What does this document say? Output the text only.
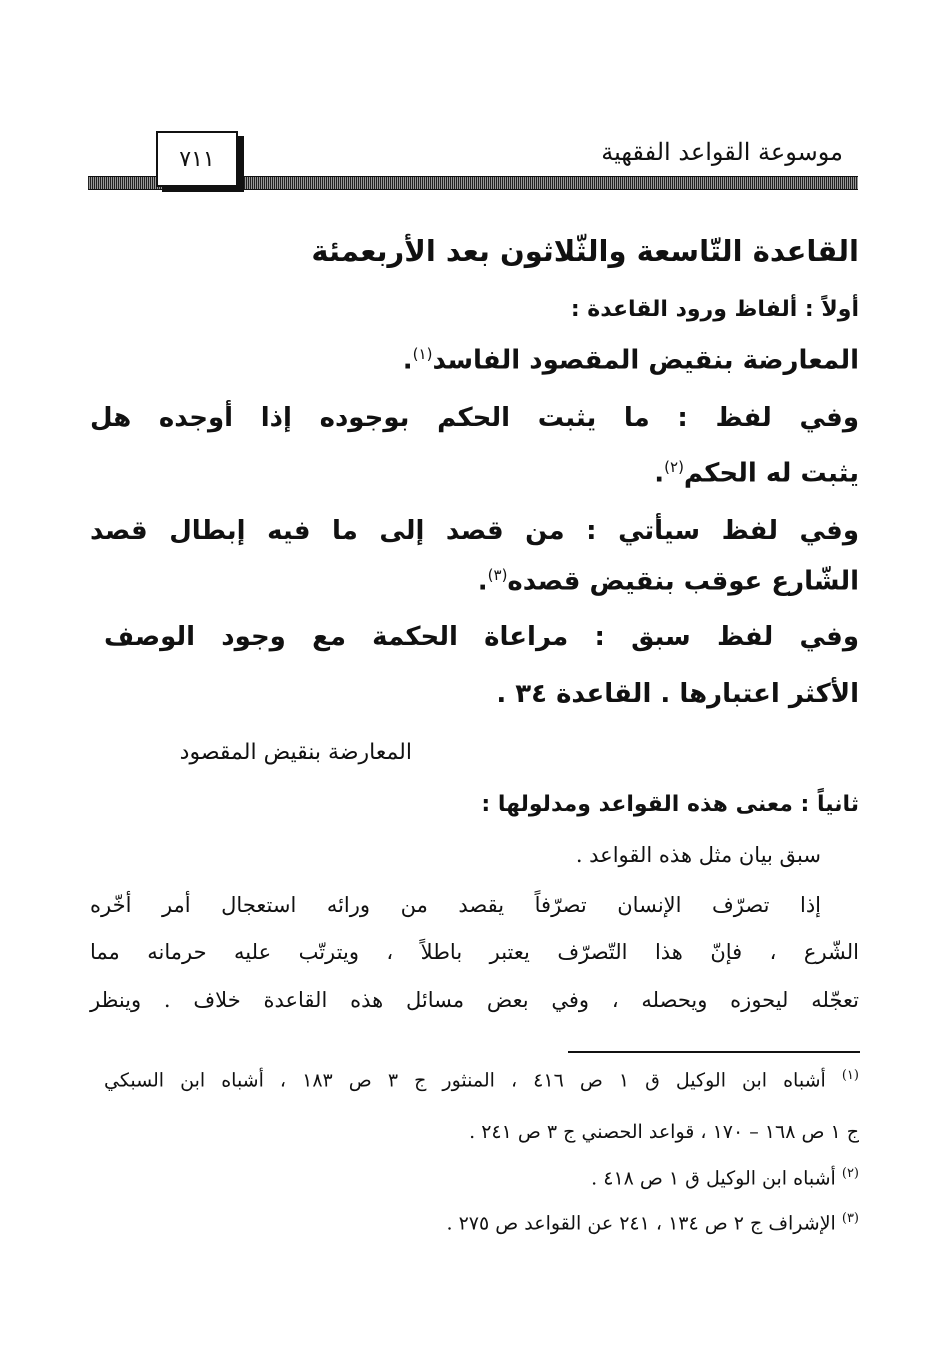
موسوعة القواعد الفقهية
٧١١
القاعدة التّاسعة والثّلاثون بعد الأربعمئة
أولاً : ألفاظ ورود القاعدة :
المعارضة بنقيض المقصود الفاسد$^{(١)}$.
وفي لفظ : ما يثبت الحكم بوجوده إذا أوجده هل
يثبت له الحكم$^{(٢)}$.
وفي لفظ سيأتي : من قصد إلى ما فيه إبطال قصد
الشّارع عوقب بنقيض قصده$^{(٣)}$.
وفي لفظ سبق : مراعاة الحكمة مع وجود الوصف
الأكثر اعتبارها . القاعدة ٣٤ .
المعارضة بنقيض المقصود
ثانياً : معنى هذه القواعد ومدلولها :
سبق بيان مثل هذه القواعد .
إذا تصرّف الإنسان تصرّفاً يقصد من ورائه استعجال أمر أخّره
الشّرع ، فإنّ هذا التّصرّف يعتبر باطلاً ، ويترتّب عليه حرمانه مما
تعجّله ليحوزه ويحصله ، وفي بعض مسائل هذه القاعدة خلاف . وينظر
$^{(١)}$ أشباه ابن الوكيل ق ١ ص ٤١٦ ، المنثور ج ٣ ص ١٨٣ ، أشباه ابن السبكي
ج ١ ص ١٦٨ – ١٧٠ ، قواعد الحصني ج ٣ ص ٢٤١ .
$^{(٢)}$ أشباه ابن الوكيل ق ١ ص ٤١٨ .
$^{(٣)}$ الإشراف ج ٢ ص ١٣٤ ، ٢٤١ عن القواعد ص ٢٧٥ .
